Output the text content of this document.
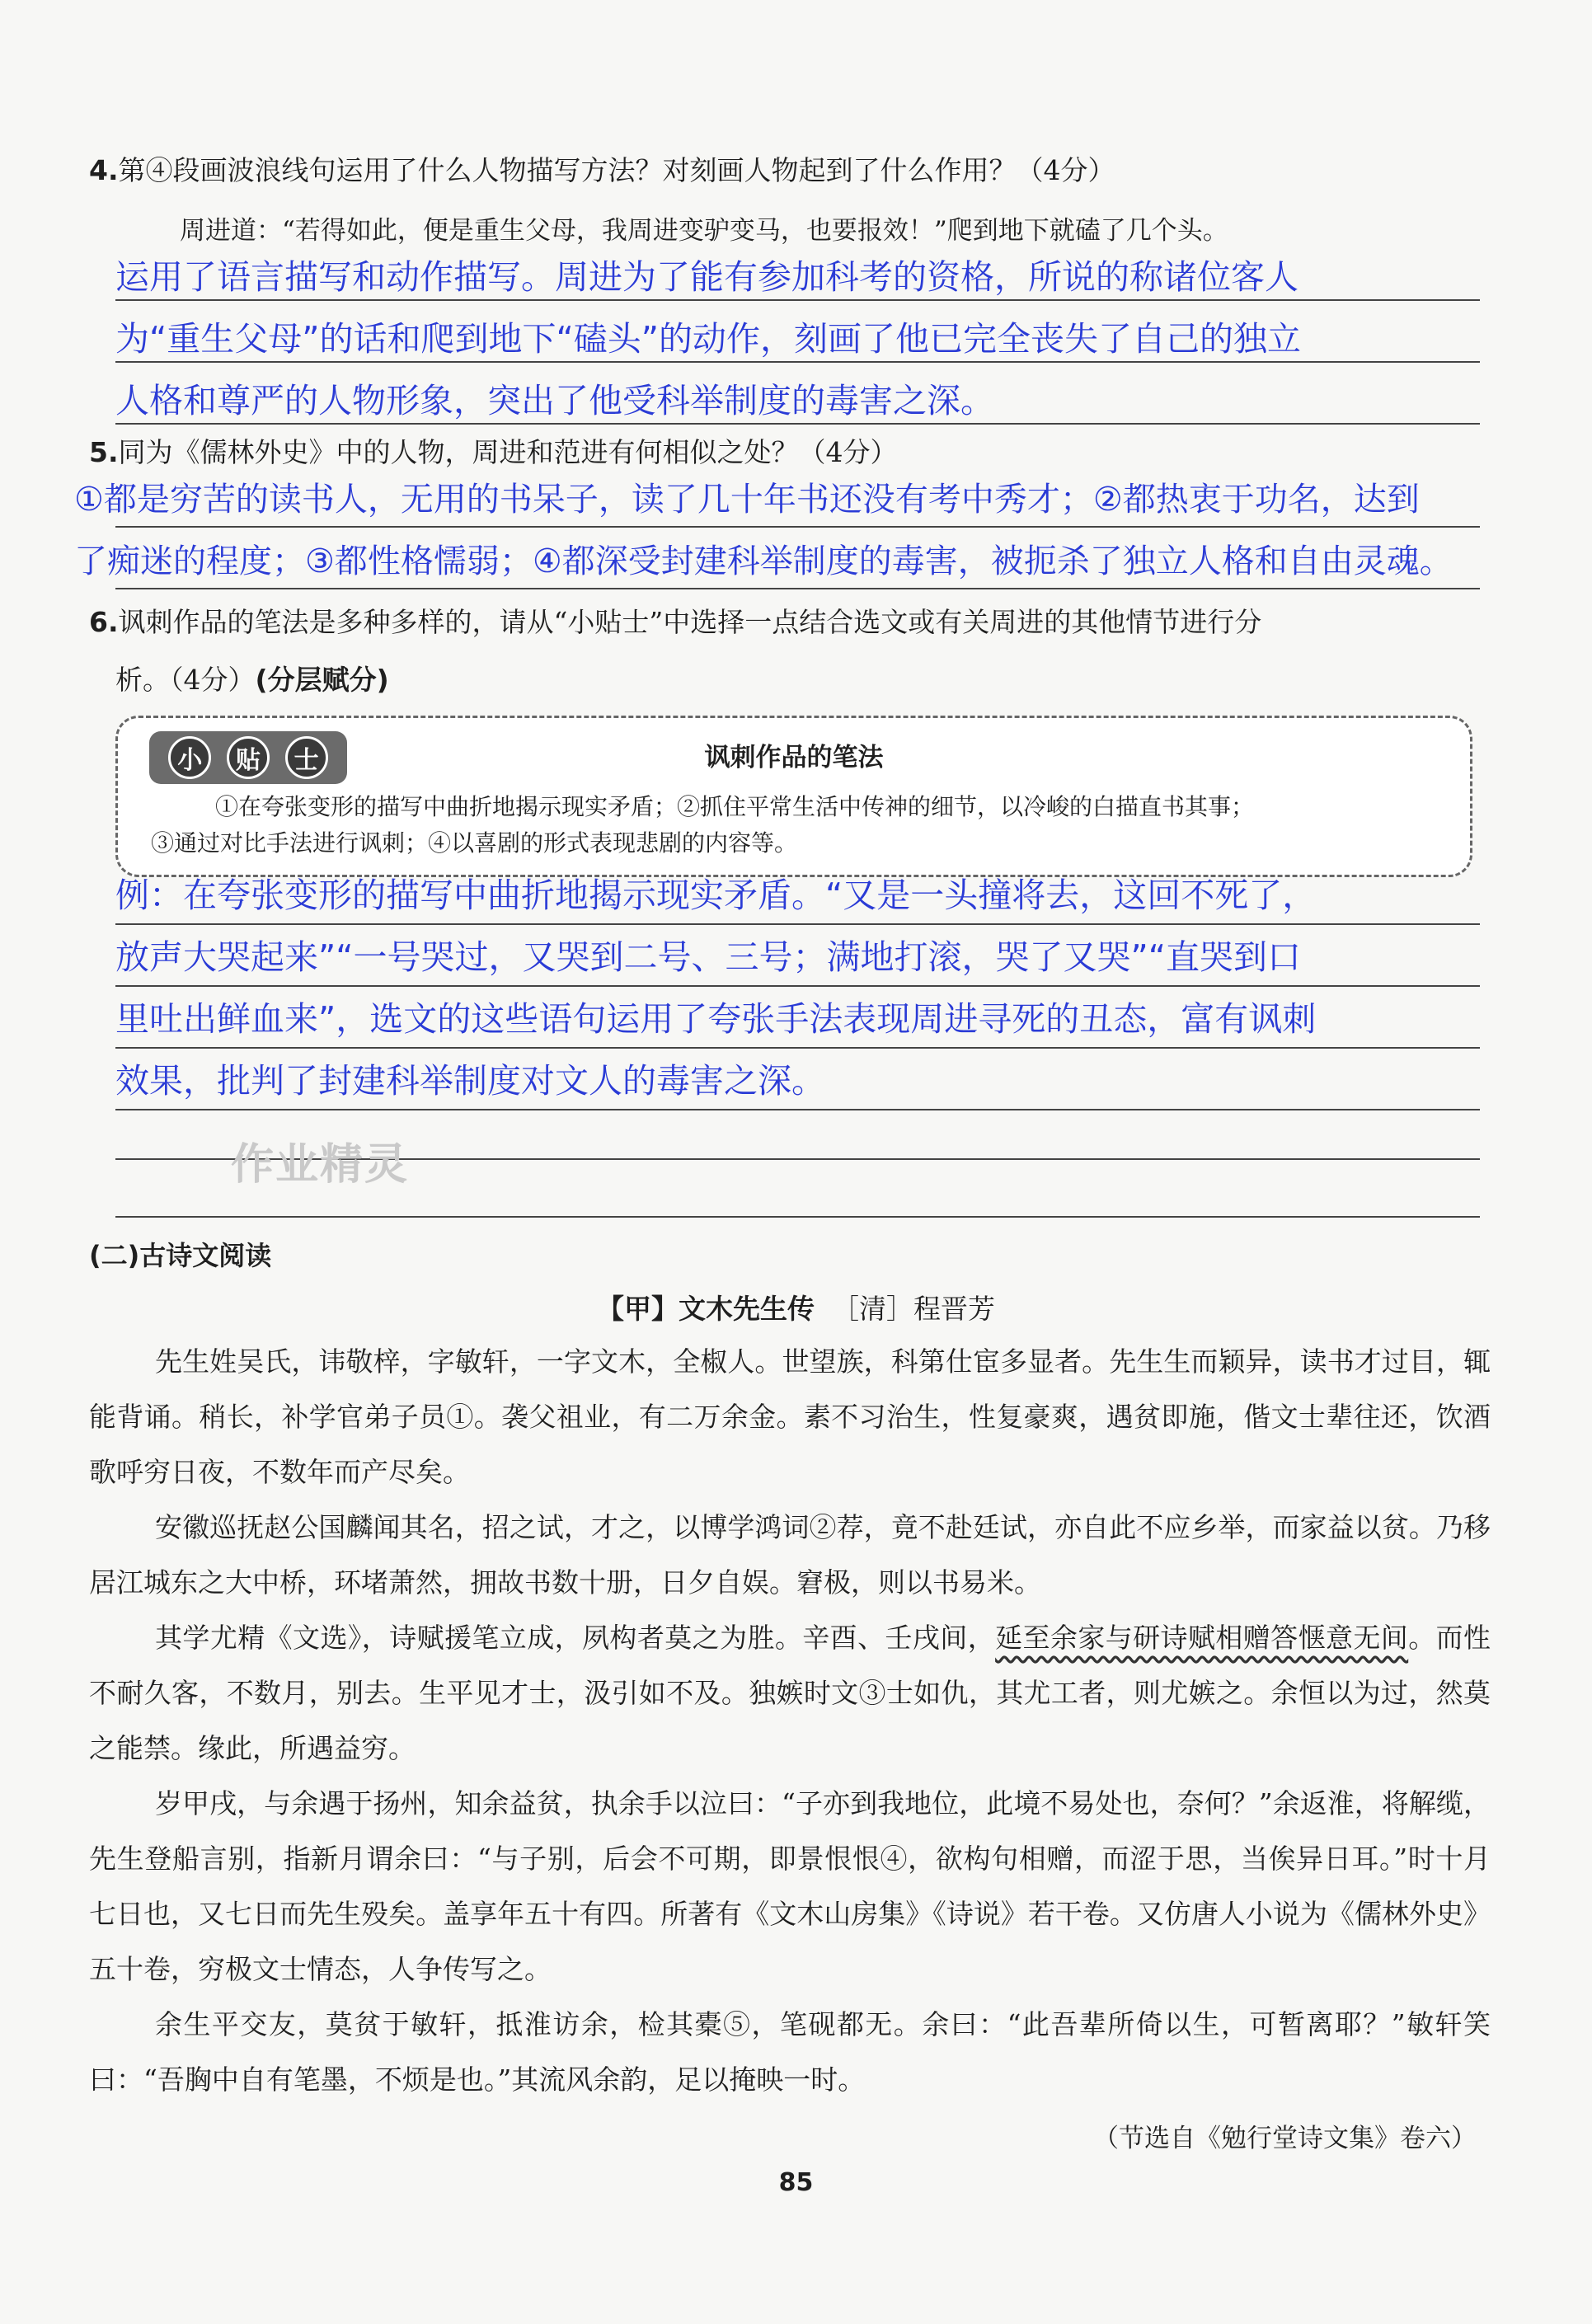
4.第④段画波浪线句运用了什么人物描写方法？对刻画人物起到了什么作用？（4分）
周进道：“若得如此，便是重生父母，我周进变驴变马，也要报效！”爬到地下就磕了几个头。
运用了语言描写和动作描写。周进为了能有参加科考的资格，所说的称诸位客人
为“重生父母”的话和爬到地下“磕头”的动作，刻画了他已完全丧失了自己的独立
人格和尊严的人物形象，突出了他受科举制度的毒害之深。
5.同为《儒林外史》中的人物，周进和范进有何相似之处？（4分）
①都是穷苦的读书人，无用的书呆子，读了几十年书还没有考中秀才；②都热衷于功名，达到
了痴迷的程度；③都性格懦弱；④都深受封建科举制度的毒害，被扼杀了独立人格和自由灵魂。
6.讽刺作品的笔法是多种多样的，请从“小贴士”中选择一点结合选文或有关周进的其他情节进行分
析。（4分）(分层赋分)
小	贴	士	讽刺作品的笔法
①在夸张变形的描写中曲折地揭示现实矛盾；②抓住平常生活中传神的细节，以冷峻的白描直书其事；
③通过对比手法进行讽刺；④以喜剧的形式表现悲剧的内容等。
例：在夸张变形的描写中曲折地揭示现实矛盾。“又是一头撞将去，这回不死了，
放声大哭起来”“一号哭过，又哭到二号、三号；满地打滚，哭了又哭”“直哭到口
里吐出鲜血来”，选文的这些语句运用了夸张手法表现周进寻死的丑态，富有讽刺
效果，批判了封建科举制度对文人的毒害之深。
作业精灵
(二)古诗文阅读
【甲】文木先生传 ［清］程晋芳

先生姓吴氏，讳敬梓，字敏轩，一字文木，全椒人。世望族，科第仕宦多显者。先生生而颖异，读书才过目，辄能背诵。稍长，补学官弟子员①。袭父祖业，有二万余金。素不习治生，性复豪爽，遇贫即施，偕文士辈往还，饮酒歌呼穷日夜，不数年而产尽矣。

安徽巡抚赵公国麟闻其名，招之试，才之，以博学鸿词②荐，竟不赴廷试，亦自此不应乡举，而家益以贫。乃移居江城东之大中桥，环堵萧然，拥故书数十册，日夕自娱。窘极，则以书易米。

其学尤精《文选》，诗赋援笔立成，夙构者莫之为胜。辛酉、壬戌间，延至余家与研诗赋相赠答惬意无间。而性不耐久客，不数月，别去。生平见才士，汲引如不及。独嫉时文③士如仇，其尤工者，则尤嫉之。余恒以为过，然莫之能禁。缘此，所遇益穷。

岁甲戌，与余遇于扬州，知余益贫，执余手以泣曰：“子亦到我地位，此境不易处也，奈何？”余返淮，将解缆，先生登船言别，指新月谓余曰：“与子别，后会不可期，即景恨恨④，欲构句相赠，而涩于思，当俟异日耳。”时十月七日也，又七日而先生殁矣。盖享年五十有四。所著有《文木山房集》《诗说》若干卷。又仿唐人小说为《儒林外史》五十卷，穷极文士情态，人争传写之。

余生平交友，莫贫于敏轩，抵淮访余，检其橐⑤，笔砚都无。余曰：“此吾辈所倚以生，可暂离耶？”敏轩笑曰：“吾胸中自有笔墨，不烦是也。”其流风余韵，足以掩映一时。

（节选自《勉行堂诗文集》卷六）
85
